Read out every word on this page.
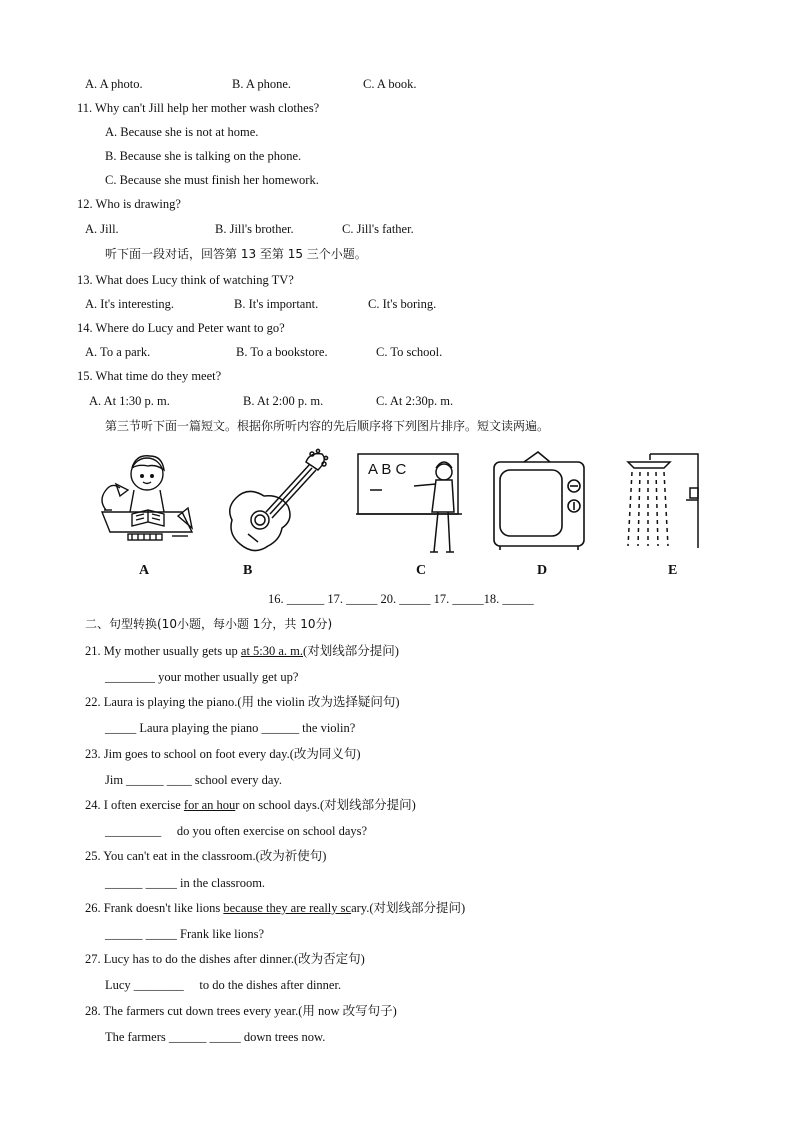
A. A photo.	B. A phone.	C. A book.
11. Why can't Jill help her mother wash clothes?
A. Because she is not at home.
B. Because she is talking on the phone.
C. Because she must finish her homework.
12. Who is drawing?
A. Jill.	B. Jill's brother.	C. Jill's father.
听下面一段对话，回答第 13 至第 15 三个小题。
13. What does Lucy think of watching TV?
A. It's interesting.	B. It's important.	C. It's boring.
14. Where do Lucy and Peter want to go?
A. To a park.	B. To a bookstore.	C. To school.
15. What time do they meet?
A. At 1:30 p. m.	B. At 2:00 p. m.	C. At 2:30p. m.
第三节听下面一篇短文。根据你所听内容的先后顺序将下列图片排序。短文读两遍。
A B C
A	B	C	D	E
16. ______ 17. _____ 20. _____ 17. _____18. _____
二、句型转换(10小题，每小题 1分，共 10分)
21. My mother usually gets up at 5:30 a. m.(对划线部分提问)
________ your mother usually get up?
22. Laura is playing the piano.(用 the violin 改为选择疑问句)
_____ Laura playing the piano ______ the violin?
23. Jim goes to school on foot every day.(改为同义句)
Jim ______ ____ school every day.
24. I often exercise for an hour on school days.(对划线部分提问)
_________     do you often exercise on school days?
25. You can't eat in the classroom.(改为祈使句)
______ _____ in the classroom.
26. Frank doesn't like lions because they are really scary.(对划线部分提问)
______ _____ Frank like lions?
27. Lucy has to do the dishes after dinner.(改为否定句)
Lucy ________     to do the dishes after dinner.
28. The farmers cut down trees every year.(用 now 改写句子)
The farmers ______ _____ down trees now.
